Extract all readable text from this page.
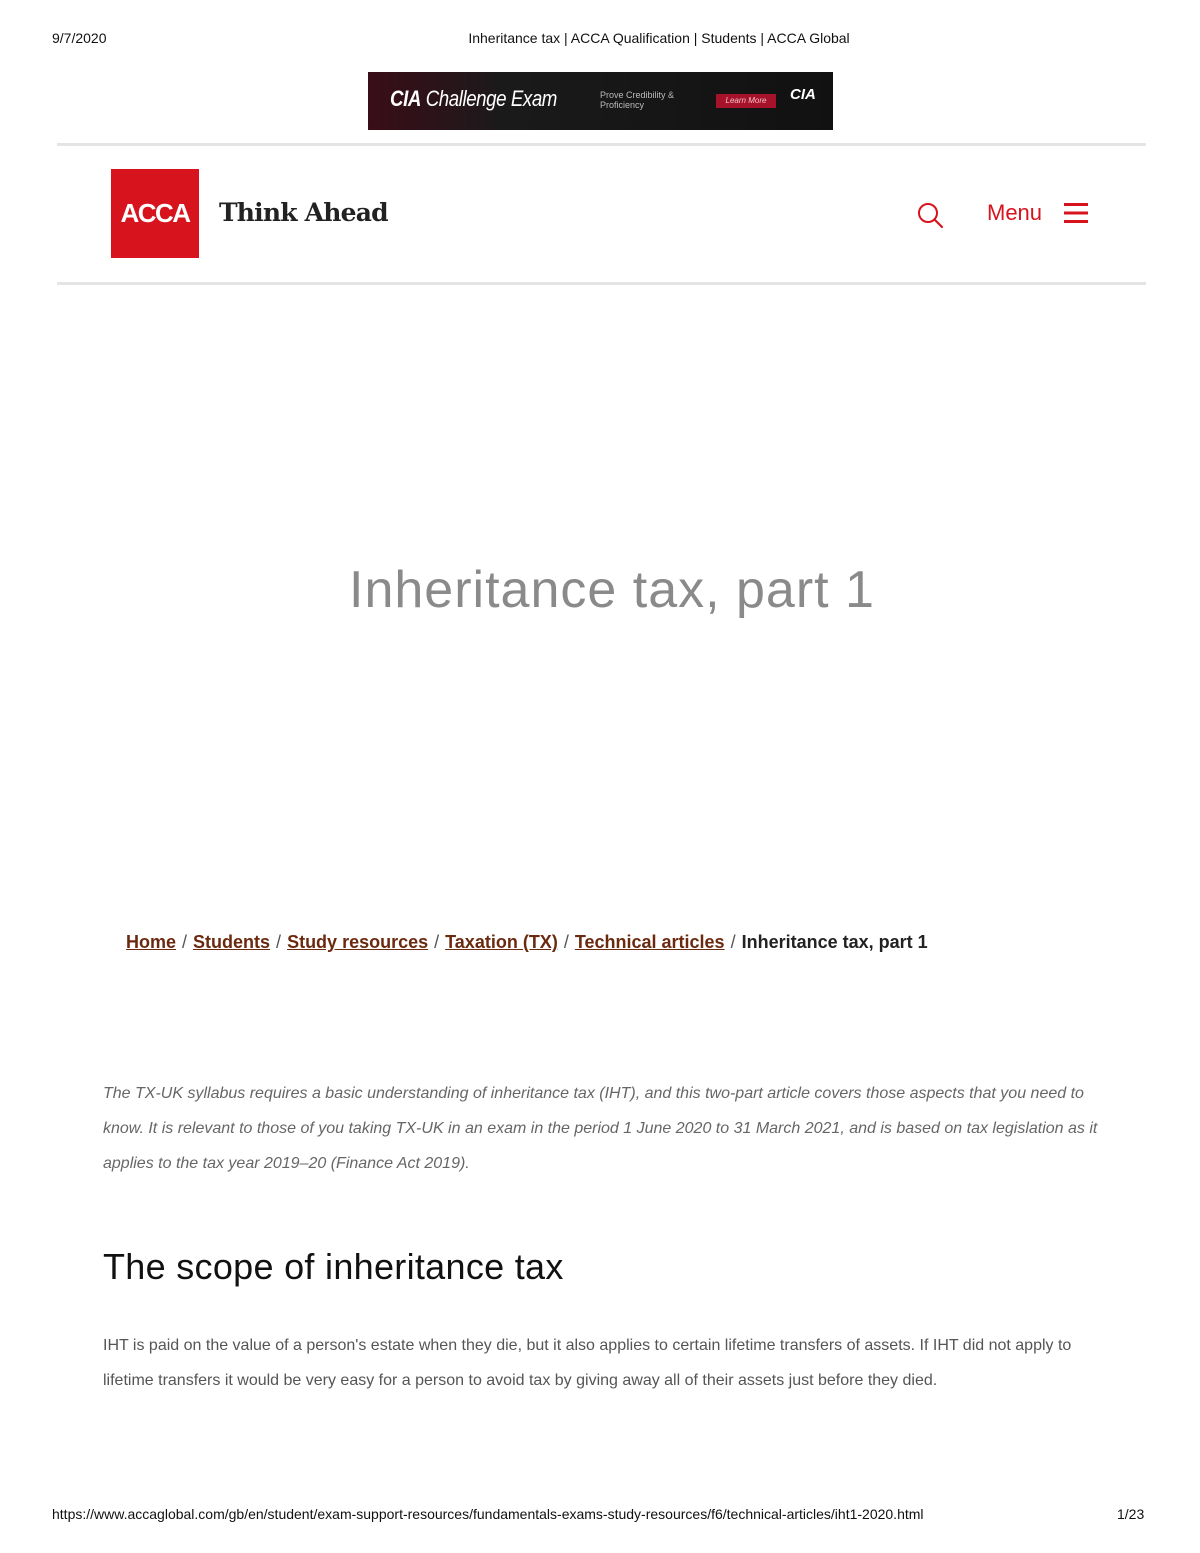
9/7/2020	Inheritance tax | ACCA Qualification | Students | ACCA Global
CIA Challenge Exam	Prove Credibility & Proficiency	Learn More	CIA
ACCA	Think Ahead	Menu
Inheritance tax, part 1
Home / Students / Study resources / Taxation (TX) / Technical articles / Inheritance tax, part 1

The TX-UK syllabus requires a basic understanding of inheritance tax (IHT), and this two-part article covers those aspects that you need to know. It is relevant to those of you taking TX-UK in an exam in the period 1 June 2020 to 31 March 2021, and is based on tax legislation as it applies to the tax year 2019–20 (Finance Act 2019).

The scope of inheritance tax

IHT is paid on the value of a person's estate when they die, but it also applies to certain lifetime transfers of assets. If IHT did not apply to lifetime transfers it would be very easy for a person to avoid tax by giving away all of their assets just before they died.

https://www.accaglobal.com/gb/en/student/exam-support-resources/fundamentals-exams-study-resources/f6/technical-articles/iht1-2020.html	1/23
